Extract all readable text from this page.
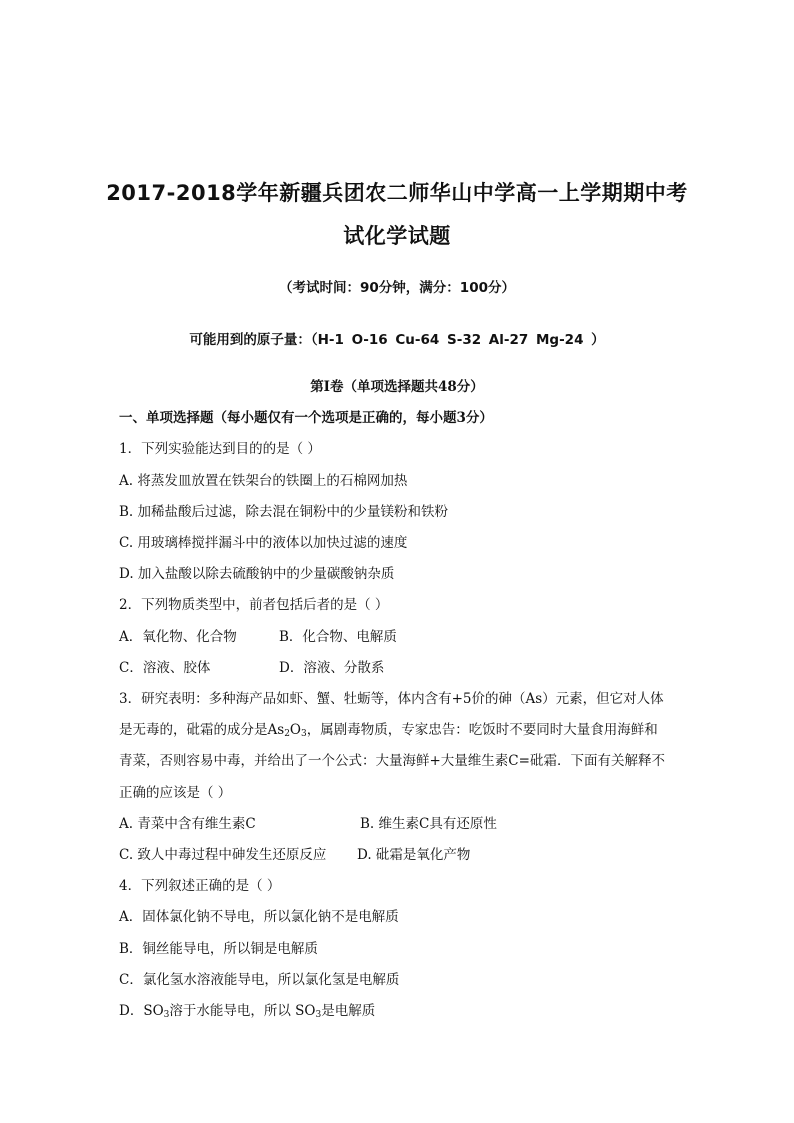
2017-2018学年新疆兵团农二师华山中学高一上学期期中考
试化学试题
（考试时间：90分钟，满分：100分）
可能用到的原子量：（H-1 O-16 Cu-64 S-32 Al-27 Mg-24 ）
第Ⅰ卷（单项选择题共48分）
一、单项选择题（每小题仅有一个选项是正确的，每小题3分）
1．下列实验能达到目的的是（ ）
A. 将蒸发皿放置在铁架台的铁圈上的石棉网加热
B. 加稀盐酸后过滤，除去混在铜粉中的少量镁粉和铁粉
C. 用玻璃棒搅拌漏斗中的液体以加快过滤的速度
D. 加入盐酸以除去硫酸钠中的少量碳酸钠杂质
2．下列物质类型中，前者包括后者的是（ ）
A．氧化物、化合物	B．化合物、电解质
C．溶液、胶体	D．溶液、分散系
3．研究表明：多种海产品如虾、蟹、牡蛎等，体内含有+5价的砷（As）元素，但它对人体
是无毒的，砒霜的成分是$As_2O_3$，属剧毒物质，专家忠告：吃饭时不要同时大量食用海鲜和
青菜，否则容易中毒，并给出了一个公式：大量海鲜+大量维生素C=砒霜．下面有关解释不
正确的应该是（ ）
A. 青菜中含有维生素C	B. 维生素C具有还原性
C. 致人中毒过程中砷发生还原反应 D. 砒霜是氧化产物
4．下列叙述正确的是（ ）
A．固体氯化钠不导电，所以氯化钠不是电解质
B．铜丝能导电，所以铜是电解质
C．氯化氢水溶液能导电，所以氯化氢是电解质
D．$SO_3$溶于水能导电，所以 $SO_3$是电解质
